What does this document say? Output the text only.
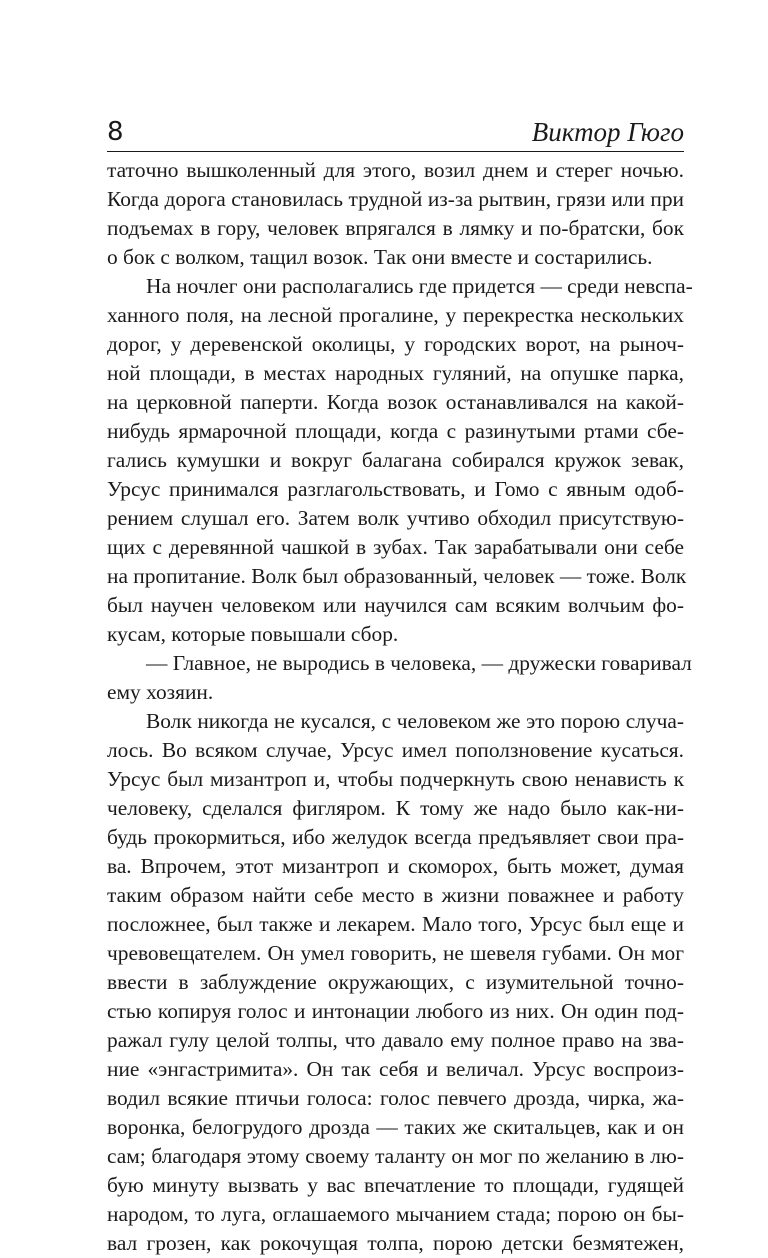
8	Виктор Гюго
татoчно вышколенный для этого, возил днем и стерег ночью.
Когда дорога становилась трудной из-за рытвин, грязи или при
подъемах в гору, человек впрягался в лямку и по-братски, бок
о бок с волком, тащил возок. Так они вместе и состарились.
На ночлег они располагались где придется — среди невспа-
ханного поля, на лесной прогалине, у перекрестка нескольких
дорог, у деревенской околицы, у городских ворот, на рыноч-
ной площади, в местах народных гуляний, на опушке парка,
на церковной паперти. Когда возок останавливался на какой-
нибудь ярмарочной площади, когда с разинутыми ртами сбе-
гались кумушки и вокруг балагана собирался кружок зевак,
Урсус принимался разглагольствовать, и Гомо с явным одоб-
рением слушал его. Затем волк учтиво обходил присутствую-
щих с деревянной чашкой в зубах. Так зарабатывали они себе
на пропитание. Волк был образованный, человек — тоже. Волк
был научен человеком или научился сам всяким волчьим фо-
кусам, которые повышали сбор.
— Главное, не выродись в человека, — дружески говаривал
ему хозяин.
Волк никогда не кусался, с человеком же это порою случа-
лось. Во всяком случае, Урсус имел поползновение кусаться.
Урсус был мизантроп и, чтобы подчеркнуть свою ненависть к
человеку, сделался фигляром. К тому же надо было как-ни-
будь прокормиться, ибо желудок всегда предъявляет свои пра-
ва. Впрочем, этот мизантроп и скоморох, быть может, думая
таким образом найти себе место в жизни поважнее и работу
посложнее, был также и лекарем. Мало того, Урсус был еще и
чревовещателем. Он умел говорить, не шевеля губами. Он мог
ввести в заблуждение окружающих, с изумительной точно-
стью копируя голос и интонации любого из них. Он один под-
ражал гулу целой толпы, что давало ему полное право на зва-
ние «энгастримита». Он так себя и величал. Урсус воспроиз-
водил всякие птичьи голоса: голос певчего дрозда, чирка, жа-
воронка, белогрудого дрозда — таких же скитальцев, как и он
сам; благодаря этому своему таланту он мог по желанию в лю-
бую минуту вызвать у вас впечатление то площади, гудящей
народом, то луга, оглашаемого мычанием стада; порою он бы-
вал грозен, как рокочущая толпа, порою детски безмятежен,
